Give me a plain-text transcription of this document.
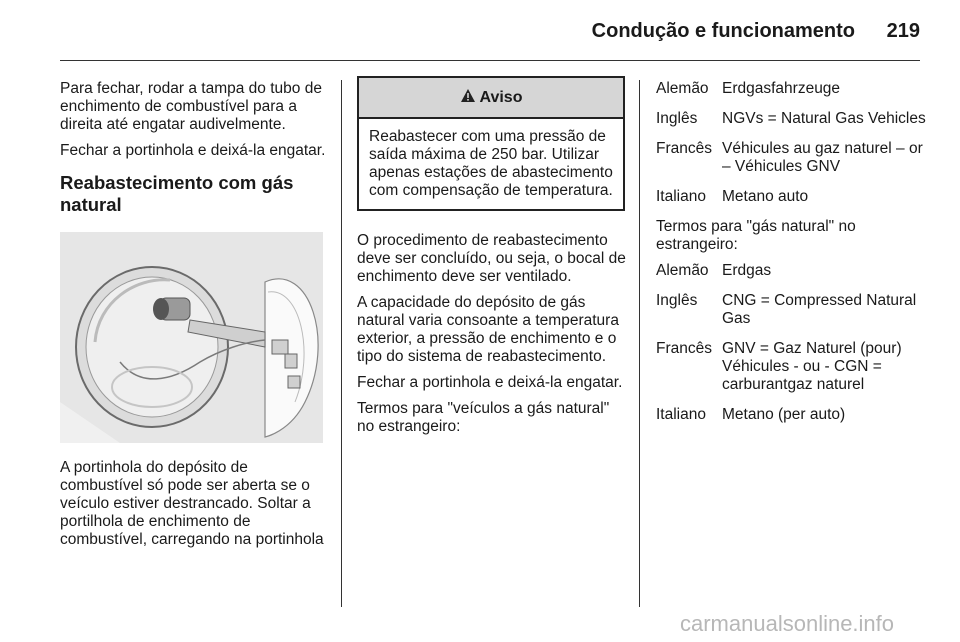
Condução e funcionamento	219

Para fechar, rodar a tampa do tubo de enchimento de combustível para a direita até engatar audivelmente.

Fechar a portinhola e deixá-la engatar.

Reabastecimento com gás natural

A portinhola do depósito de combustível só pode ser aberta se o veículo estiver destrancado. Soltar a portilhola de enchimento de combustível, carregando na portinhola

Aviso
Reabastecer com uma pressão de saída máxima de 250 bar. Utilizar apenas estações de abastecimento com compensação de temperatura.

O procedimento de reabastecimento deve ser concluído, ou seja, o bocal de enchimento deve ser ventilado.

A capacidade do depósito de gás natural varia consoante a temperatura exterior, a pressão de enchimento e o tipo do sistema de reabastecimento.

Fechar a portinhola e deixá-la engatar.

Termos para "veículos a gás natural" no estrangeiro:

Alemão Erdgasfahrzeuge
Inglês	NGVs = Natural Gas Vehicles
Francês Véhicules au gaz naturel – or – Véhicules GNV
Italiano	Metano auto

Termos para "gás natural" no estrangeiro:

Alemão Erdgas
Inglês	CNG = Compressed Natural Gas
Francês GNV = Gaz Naturel (pour) Véhicules - ou - CGN = carburantgaz naturel
Italiano	Metano (per auto)
carmanualsonline.info
